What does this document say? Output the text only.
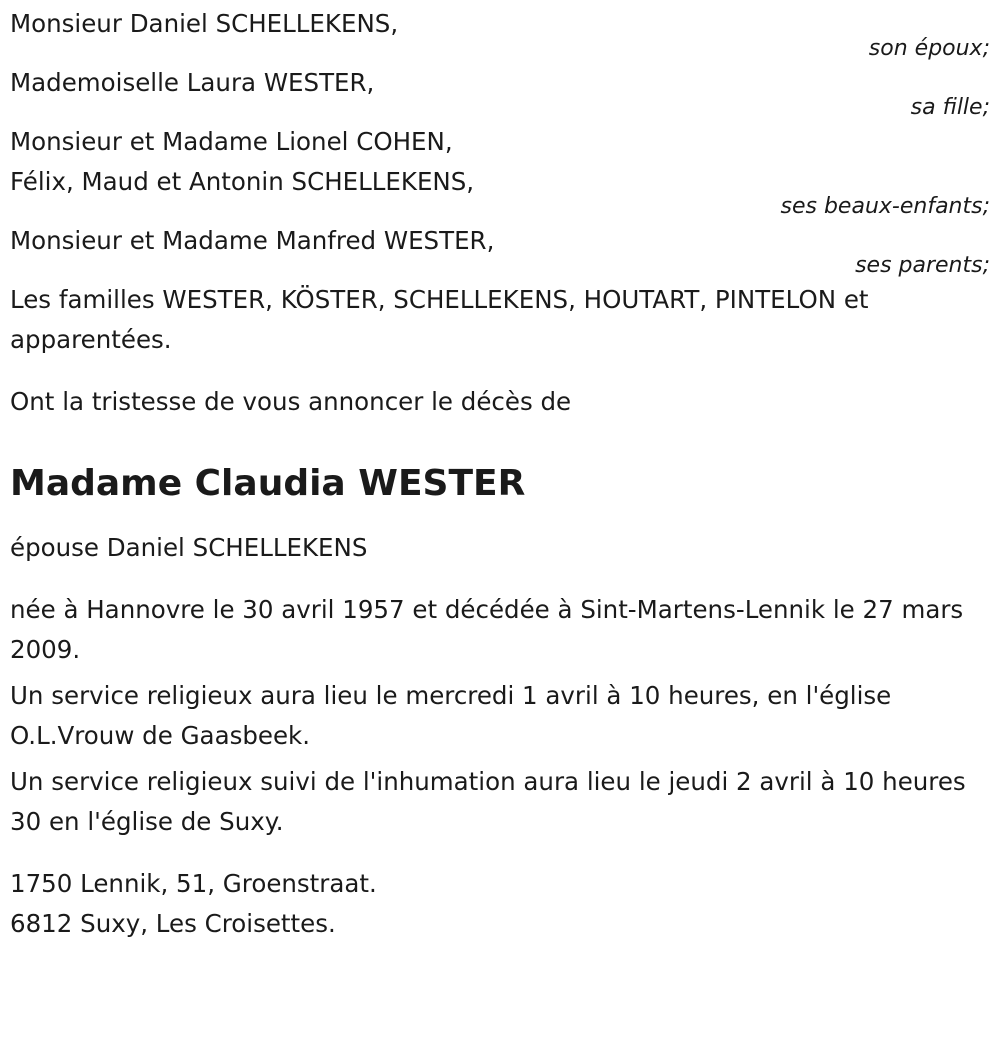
Monsieur Daniel SCHELLEKENS,
son époux;
Mademoiselle Laura WESTER,
sa fille;
Monsieur et Madame Lionel COHEN,
Félix, Maud et Antonin SCHELLEKENS,
ses beaux-enfants;
Monsieur et Madame Manfred WESTER,
ses parents;

Les familles WESTER, KÖSTER, SCHELLEKENS, HOUTART, PINTELON et apparentées.

Ont la tristesse de vous annoncer le décès de

Madame Claudia WESTER

épouse Daniel SCHELLEKENS

née à Hannovre le 30 avril 1957 et décédée à Sint-Martens-Lennik le 27 mars 2009.

Un service religieux aura lieu le mercredi 1 avril à 10 heures, en l'église O.L.Vrouw de Gaasbeek.

Un service religieux suivi de l'inhumation aura lieu le jeudi 2 avril à 10 heures 30 en l'église de Suxy.

1750 Lennik, 51, Groenstraat.
6812 Suxy, Les Croisettes.
